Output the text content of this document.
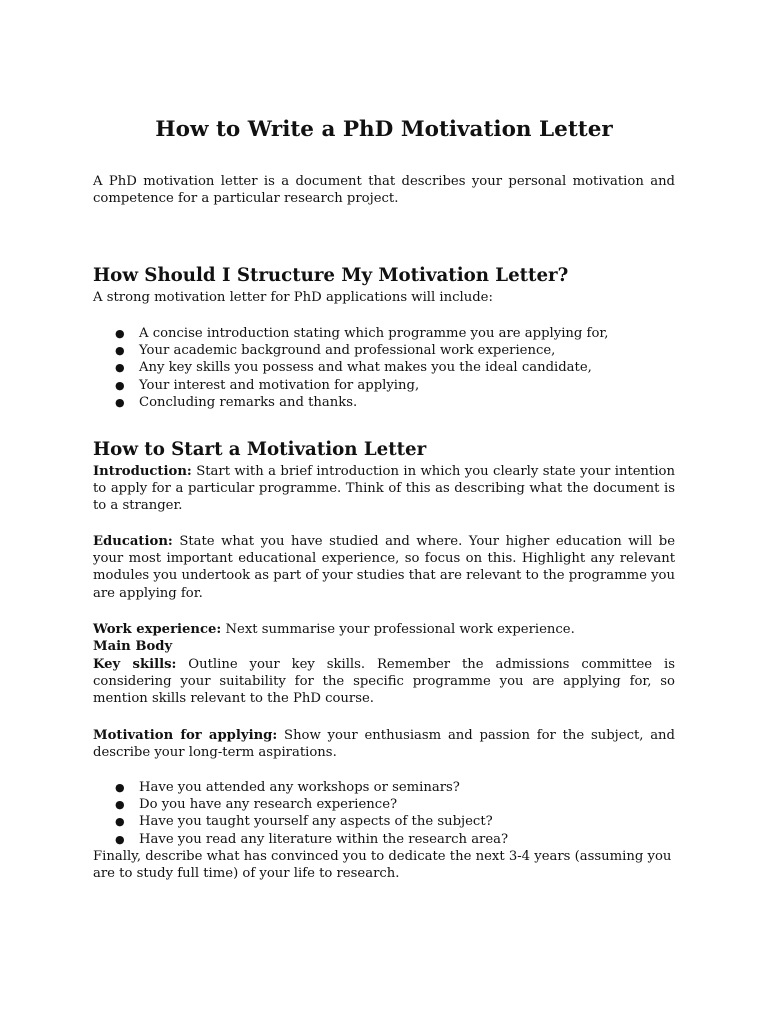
How to Write a PhD Motivation Letter

A PhD motivation letter is a document that describes your personal motivation and competence for a particular research project.

How Should I Structure My Motivation Letter?

A strong motivation letter for PhD applications will include:

● A concise introduction stating which programme you are applying for,
● Your academic background and professional work experience,
● Any key skills you possess and what makes you the ideal candidate,
● Your interest and motivation for applying,
● Concluding remarks and thanks.
How to Start a Motivation Letter

Introduction: Start with a brief introduction in which you clearly state your intention to apply for a particular programme. Think of this as describing what the document is to a stranger.

Education: State what you have studied and where. Your higher education will be your most important educational experience, so focus on this. Highlight any relevant modules you undertook as part of your studies that are relevant to the programme you are applying for.

Work experience: Next summarise your professional work experience.

Main Body

Key skills: Outline your key skills. Remember the admissions committee is considering your suitability for the specific programme you are applying for, so mention skills relevant to the PhD course.

Motivation for applying: Show your enthusiasm and passion for the subject, and describe your long-term aspirations.

● Have you attended any workshops or seminars?
● Do you have any research experience?
● Have you taught yourself any aspects of the subject?
● Have you read any literature within the research area?

Finally, describe what has convinced you to dedicate the next 3-4 years (assuming you are to study full time) of your life to research.
